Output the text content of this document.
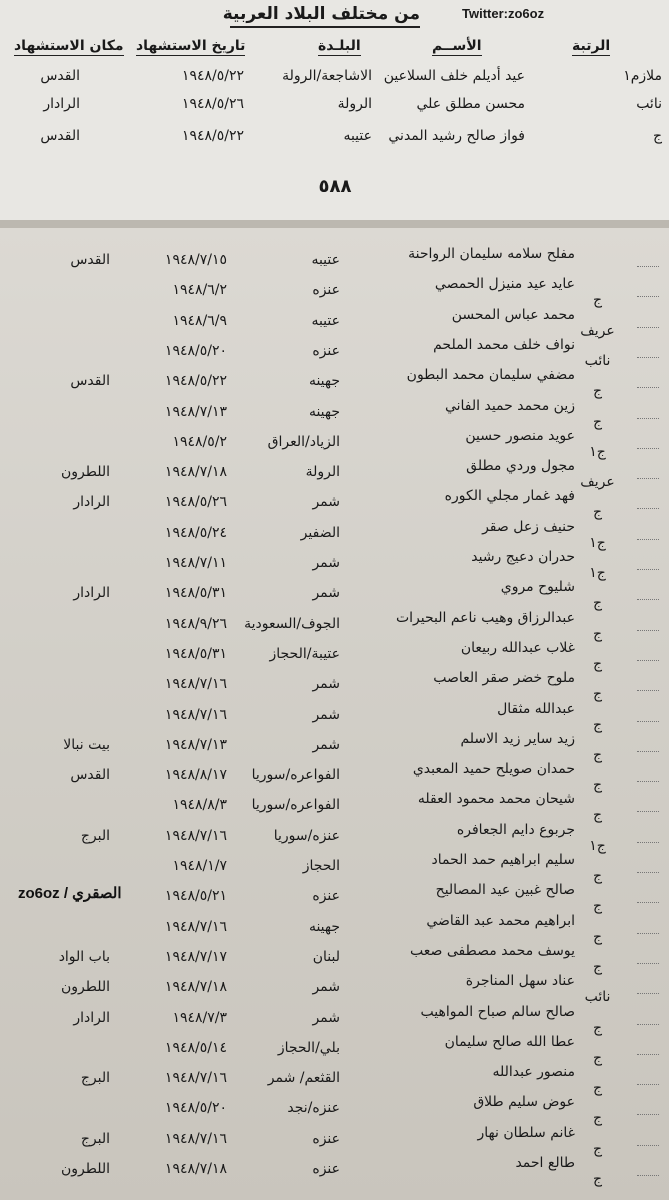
من مختلف البلاد العربية	Twitter:zo6oz
الرتبة
الأســم
البلـدة
تاريخ الاستشهاد
مكان الاستشهاد
ملازم١
عيد أديلم خلف السلاعين
الاشاجعة/الرولة
١٩٤٨/٥/٢٢
القدس
نائب
محسن مطلق علي
الرولة
١٩٤٨/٥/٢٦
الرادار
ج
فواز صالح رشيد المدني
عتيبه
١٩٤٨/٥/٢٢
القدس
٥٨٨
مفلح سلامه سليمان الرواحنة
عتيبه
١٩٤٨/٧/١٥
القدس
عايد عيد منيزل الحمصي
عنزه
١٩٤٨/٦/٢
ج
محمد عباس المحسن
عتيبه
١٩٤٨/٦/٩
عريف
نواف خلف محمد الملحم
عنزه
١٩٤٨/٥/٢٠
نائب
مضفي سليمان محمد البطون
جهينه
١٩٤٨/٥/٢٢
القدس
ج
زين محمد حميد الفاني
جهينه
١٩٤٨/٧/١٣
ج
عويد منصور حسين
الزياد/العراق
١٩٤٨/٥/٢
ج١
مجول وردي مطلق
الرولة
١٩٤٨/٧/١٨
اللطرون
عريف
فهد غمار مجلي الكوره
شمر
١٩٤٨/٥/٢٦
الرادار
ج
حنيف زعل صقر
الضفير
١٩٤٨/٥/٢٤
ج١
حدران دعيج رشيد
شمر
١٩٤٨/٧/١١
ج١
شليوح مروي
شمر
١٩٤٨/٥/٣١
الرادار
ج
عبدالرزاق وهيب ناعم البحيرات
الجوف/السعودية
١٩٤٨/٩/٢٦
ج
غلاب عبدالله ربيعان
عتيبة/الحجاز
١٩٤٨/٥/٣١
ج
ملوح خضر صقر العاصب
شمر
١٩٤٨/٧/١٦
ج
عبدالله مثقال
شمر
١٩٤٨/٧/١٦
ج
زيد ساير زيد الاسلم
شمر
١٩٤٨/٧/١٣
بيت نبالا
ج
حمدان صويلح حميد المعبدي
الفواعره/سوريا
١٩٤٨/٨/١٧
القدس
ج
شيحان محمد محمود العقله
الفواعره/سوريا
١٩٤٨/٨/٣
ج
جربوع دايم الجعافره
عنزه/سوريا
١٩٤٨/٧/١٦
البرج
ج١
سليم ابراهيم حمد الحماد
الحجاز
١٩٤٨/١/٧
ج
صالح غبين عيد المصاليح
عنزه
١٩٤٨/٥/٢١
ج
ابراهيم محمد عبد القاضي
جهينه
١٩٤٨/٧/١٦
ج
يوسف محمد مصطفى صعب
لبنان
١٩٤٨/٧/١٧
باب الواد
ج
عناد سهل المناجرة
شمر
١٩٤٨/٧/١٨
اللطرون
نائب
صالح سالم صباح المواهيب
شمر
١٩٤٨/٧/٣
الرادار
ج
عطا الله صالح سليمان
بلي/الحجاز
١٩٤٨/٥/١٤
ج
منصور عبدالله
القثعم/ شمر
١٩٤٨/٧/١٦
البرج
ج
عوض سليم طلاق
عنزه/نجد
١٩٤٨/٥/٢٠
ج
غانم سلطان نهار
عنزه
١٩٤٨/٧/١٦
البرج
ج
طالع احمد
عنزه
١٩٤٨/٧/١٨
اللطرون
ج
zo6oz / الصقري
